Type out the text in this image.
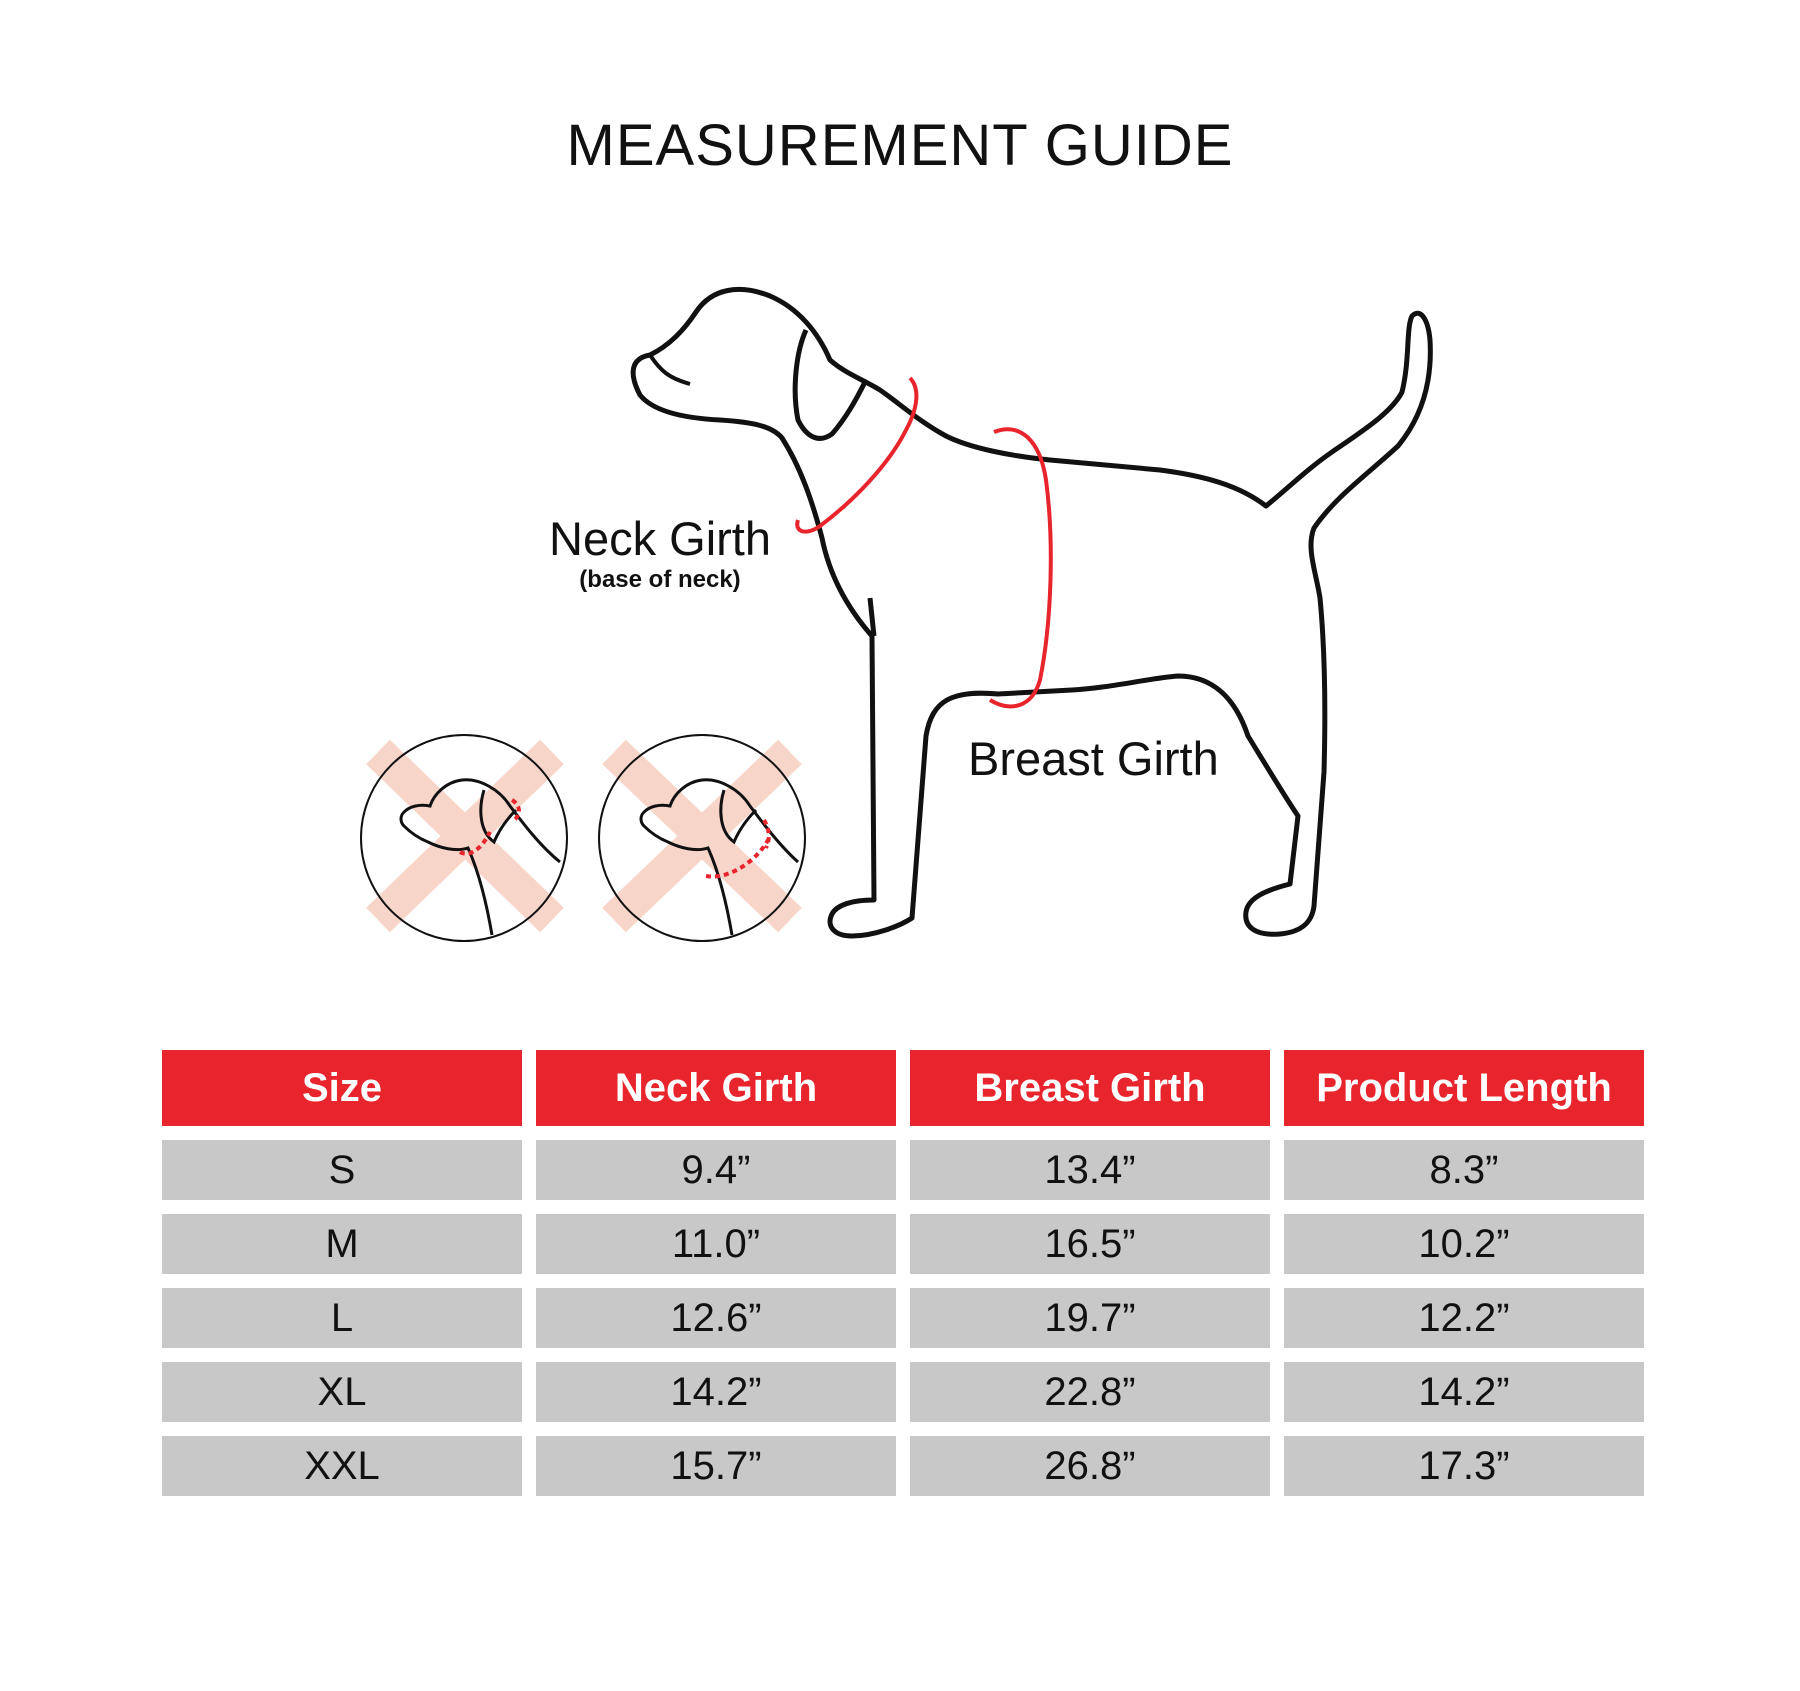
MEASUREMENT GUIDE
Neck Girth
(base of neck)
Breast Girth
Size	Neck Girth	Breast Girth	Product Length
S	9.4”	13.4”	8.3”
M	11.0”	16.5”	10.2”
L	12.6”	19.7”	12.2”
XL	14.2”	22.8”	14.2”
XXL	15.7”	26.8”	17.3”
